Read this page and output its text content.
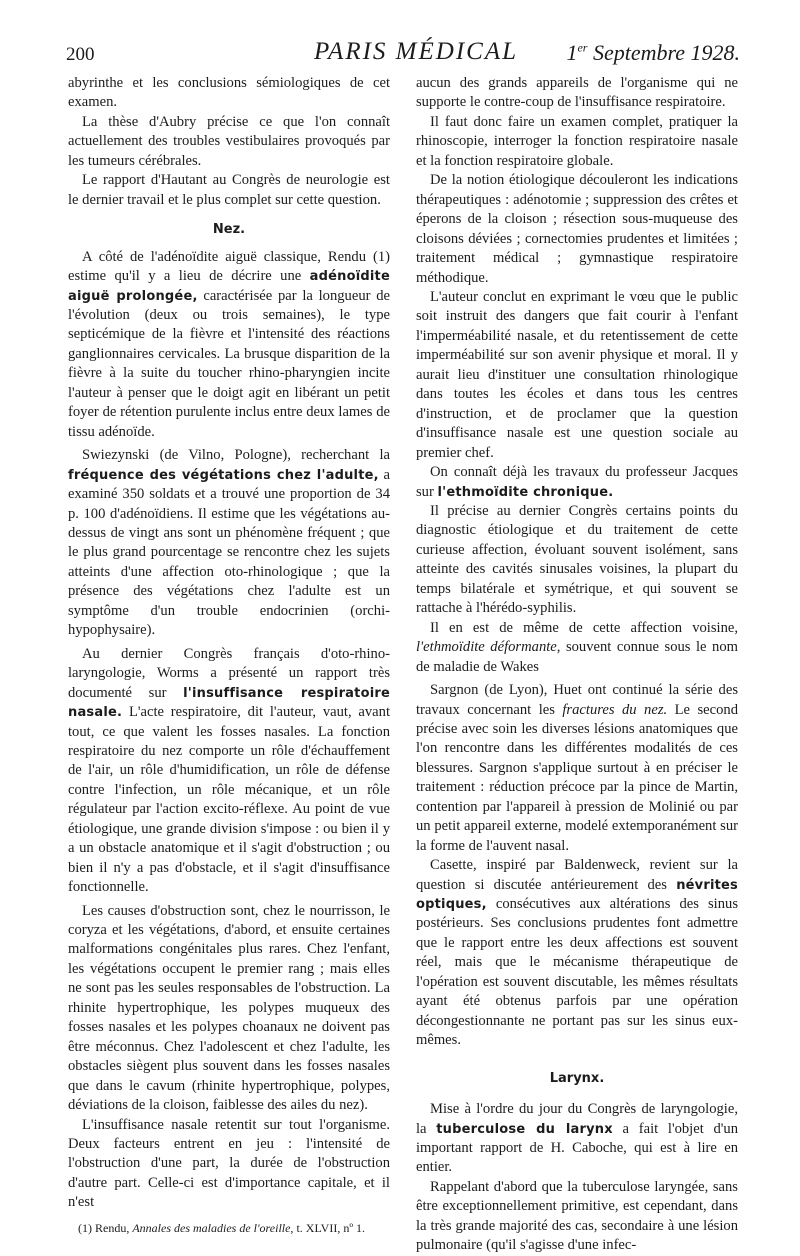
200	PARIS MÉDICAL 1er Septembre 1928.

abyrinthe et les conclusions sémiologiques de cet examen.

La thèse d'Aubry précise ce que l'on connaît actuellement des troubles vestibulaires provoqués par les tumeurs cérébrales.

Le rapport d'Hautant au Congrès de neurologie est le dernier travail et le plus complet sur cette question.

Nez.

A côté de l'adénoïdite aiguë classique, Rendu (1) estime qu'il y a lieu de décrire une adénoïdite aiguë prolongée, caractérisée par la longueur de l'évolution (deux ou trois semaines), le type septicémique de la fièvre et l'intensité des réactions ganglionnaires cervicales. La brusque disparition de la fièvre à la suite du toucher rhino-pharyngien incite l'auteur à penser que le doigt agit en libérant un petit foyer de rétention purulente inclus entre deux lames de tissu adénoïde.

Swiezynski (de Vilno, Pologne), recherchant la fréquence des végétations chez l'adulte, a examiné 350 soldats et a trouvé une proportion de 34 p. 100 d'adénoïdiens. Il estime que les végétations au-dessus de vingt ans sont un phénomène fréquent ; que le plus grand pourcentage se rencontre chez les sujets atteints d'une affection oto-rhinologique ; que la présence des végétations chez l'adulte est un symptôme d'un trouble endocrinien (orchi-hypophysaire).

Au dernier Congrès français d'oto-rhino-laryngologie, Worms a présenté un rapport très documenté sur l'insuffisance respiratoire nasale. L'acte respiratoire, dit l'auteur, vaut, avant tout, ce que valent les fosses nasales. La fonction respiratoire du nez comporte un rôle d'échauffement de l'air, un rôle d'humidification, un rôle de défense contre l'infection, un rôle mécanique, et un rôle régulateur par l'action excito-réflexe. Au point de vue étiologique, une grande division s'impose : ou bien il y a un obstacle anatomique et il s'agit d'obstruction ; ou bien il n'y a pas d'obstacle, et il s'agit d'insuffisance fonctionnelle.

Les causes d'obstruction sont, chez le nourrisson, le coryza et les végétations, d'abord, et ensuite certaines malformations congénitales plus rares. Chez l'enfant, les végétations occupent le premier rang ; mais elles ne sont pas les seules responsables de l'obstruction. La rhinite hypertrophique, les polypes muqueux des fosses nasales et les polypes choanaux ne doivent pas être méconnus. Chez l'adolescent et chez l'adulte, les obstacles siègent plus souvent dans les fosses nasales que dans le cavum (rhinite hypertrophique, polypes, déviations de la cloison, faiblesse des ailes du nez).

L'insuffisance nasale retentit sur tout l'organisme. Deux facteurs entrent en jeu : l'intensité de l'obstruction d'une part, la durée de l'obstruction d'autre part. Celle-ci est d'importance capitale, et il n'est

(1) Rendu, Annales des maladies de l'oreille, t. XLVII, nº 1.

aucun des grands appareils de l'organisme qui ne supporte le contre-coup de l'insuffisance respiratoire.

Il faut donc faire un examen complet, pratiquer la rhinoscopie, interroger la fonction respiratoire nasale et la fonction respiratoire globale.

De la notion étiologique découleront les indications thérapeutiques : adénotomie ; suppression des crêtes et éperons de la cloison ; résection sous-muqueuse des cloisons déviées ; cornectomies prudentes et limitées ; traitement médical ; gymnastique respiratoire méthodique.

L'auteur conclut en exprimant le vœu que le public soit instruit des dangers que fait courir à l'enfant l'imperméabilité nasale, et du retentissement de cette imperméabilité sur son avenir physique et moral. Il y aurait lieu d'instituer une consultation rhinologique dans toutes les écoles et dans tous les centres d'instruction, et de proclamer que la question d'insuffisance nasale est une question sociale au premier chef.

On connaît déjà les travaux du professeur Jacques sur l'ethmoïdite chronique.

Il précise au dernier Congrès certains points du diagnostic étiologique et du traitement de cette curieuse affection, évoluant souvent isolément, sans atteinte des cavités sinusales voisines, la plupart du temps bilatérale et symétrique, et qui souvent se rattache à l'hérédo-syphilis.

Il en est de même de cette affection voisine, l'ethmoïdite déformante, souvent connue sous le nom de maladie de Wakes

Sargnon (de Lyon), Huet ont continué la série des travaux concernant les fractures du nez. Le second précise avec soin les diverses lésions anatomiques que l'on rencontre dans les différentes modalités de ces blessures. Sargnon s'applique surtout à en préciser le traitement : réduction précoce par la pince de Martin, contention par l'appareil à pression de Molinié ou par un petit appareil externe, modelé extemporanément sur la forme de l'auvent nasal.

Casette, inspiré par Baldenweck, revient sur la question si discutée antérieurement des névrites optiques, consécutives aux altérations des sinus postérieurs. Ses conclusions prudentes font admettre que le rapport entre les deux affections est souvent réel, mais que le mécanisme thérapeutique de l'opération est souvent discutable, les mêmes résultats ayant été obtenus parfois par une opération décongestionnante ne portant pas sur les sinus eux-mêmes.

Larynx.

Mise à l'ordre du jour du Congrès de laryngologie, la tuberculose du larynx a fait l'objet d'un important rapport de H. Caboche, qui est à lire en entier.

Rappelant d'abord que la tuberculose laryngée, sans être exceptionnellement primitive, est cependant, dans la très grande majorité des cas, secondaire à une lésion pulmonaire (qu'il s'agisse d'une infec-
